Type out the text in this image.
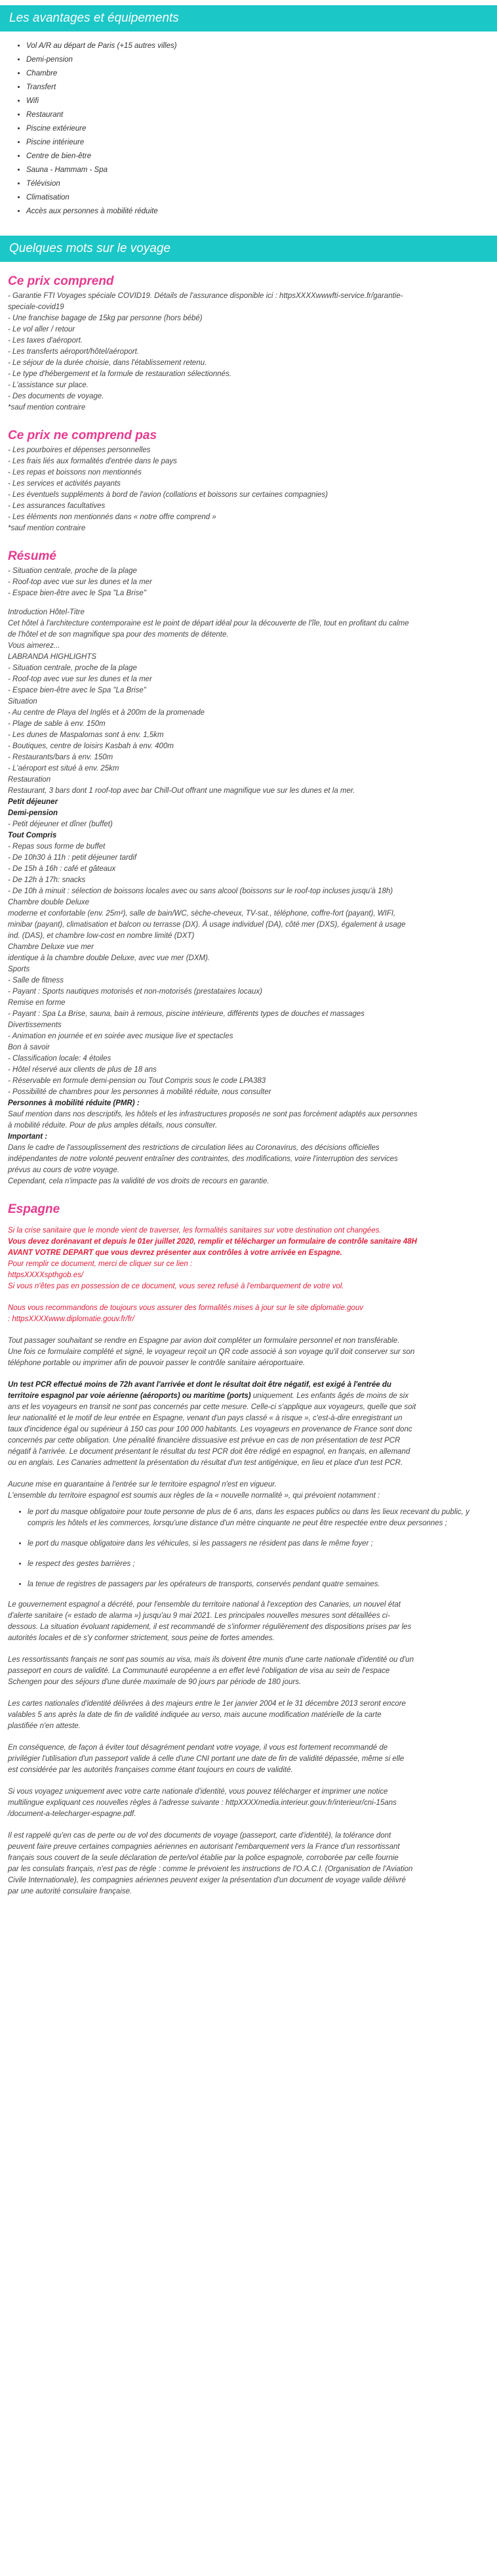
Les avantages et équipements
• Vol A/R au départ de Paris (+15 autres villes)
• Demi-pension
• Chambre
• Transfert
• Wifi
• Restaurant
• Piscine extérieure
• Piscine intérieure
• Centre de bien-être
• Sauna - Hammam - Spa
• Télévision
• Climatisation
• Accès aux personnes à mobilité réduite
Quelques mots sur le voyage
Ce prix comprend
- Garantie FTI Voyages spéciale COVID19. Détails de l'assurance disponible ici : httpsXXXXwwwfti-service.fr/garantie-
speciale-covid19
- Une franchise bagage de 15kg par personne (hors bébé)
- Le vol aller / retour
- Les taxes d'aéroport.
- Les transferts aéroport/hôtel/aéroport.
- Le séjour de la durée choisie, dans l'établissement retenu.
- Le type d'hébergement et la formule de restauration sélectionnés.
- L'assistance sur place.
- Des documents de voyage.
*sauf mention contraire
Ce prix ne comprend pas
- Les pourboires et dépenses personnelles
- Les frais liés aux formalités d'entrée dans le pays
- Les repas et boissons non mentionnés
- Les services et activités payants
- Les éventuels suppléments à bord de l'avion (collations et boissons sur certaines compagnies)
- Les assurances facultatives
- Les éléments non mentionnés dans « notre offre comprend »
*sauf mention contraire
Résumé
- Situation centrale, proche de la plage
- Roof-top avec vue sur les dunes et la mer
- Espace bien-être avec le Spa "La Brise"
Introduction Hôtel-Titre
Cet hôtel à l'architecture contemporaine est le point de départ idéal pour la découverte de l'île, tout en profitant du calme
de l'hôtel et de son magnifique spa pour des moments de détente.
Vous aimerez...
LABRANDA HIGHLIGHTS
- Situation centrale, proche de la plage
- Roof-top avec vue sur les dunes et la mer
- Espace bien-être avec le Spa "La Brise"
Situation
- Au centre de Playa del Inglés et à 200m de la promenade
- Plage de sable à env. 150m
- Les dunes de Maspalomas sont à env. 1,5km
- Boutiques, centre de loisirs Kasbah à env. 400m
- Restaurants/bars à env. 150m
- L'aéroport est situé à env. 25km
Restauration
Restaurant, 3 bars dont 1 roof-top avec bar Chill-Out offrant une magnifique vue sur les dunes et la mer.
Petit déjeuner
Demi-pension
- Petit déjeuner et dîner (buffet)
Tout Compris
- Repas sous forme de buffet
- De 10h30 à 11h : petit déjeuner tardif
- De 15h à 16h : café et gâteaux
- De 12h à 17h: snacks
- De 10h à minuit : sélection de boissons locales avec ou sans alcool (boissons sur le roof-top incluses jusqu'à 18h)
Chambre double Deluxe
moderne et confortable (env. 25m²), salle de bain/WC, sèche-cheveux, TV-sat., téléphone, coffre-fort (payant), WIFI,
minibar (payant), climatisation et balcon ou terrasse (DX). À usage individuel (DA), côté mer (DXS), également à usage
ind. (DAS), et chambre low-cost en nombre limité (DXT)
Chambre Deluxe vue mer
identique à la chambre double Deluxe, avec vue mer (DXM).
Sports
- Salle de fitness
- Payant : Sports nautiques motorisés et non-motorisés (prestataires locaux)
Remise en forme
- Payant : Spa La Brise, sauna, bain à remous, piscine intérieure, différents types de douches et massages
Divertissements
- Animation en journée et en soirée avec musique live et spectacles
Bon à savoir
- Classification locale: 4 étoiles
- Hôtel réservé aux clients de plus de 18 ans
- Réservable en formule demi-pension ou Tout Compris sous le code LPA383
- Possibilité de chambres pour les personnes à mobilité réduite, nous consulter
Personnes à mobilité réduite (PMR) :
Sauf mention dans nos descriptifs, les hôtels et les infrastructures proposés ne sont pas forcément adaptés aux personnes
à mobilité réduite. Pour de plus amples détails, nous consulter.
Important :
Dans le cadre de l'assouplissement des restrictions de circulation liées au Coronavirus, des décisions officielles
indépendantes de notre volonté peuvent entraîner des contraintes, des modifications, voire l'interruption des services
prévus au cours de votre voyage.
Cependant, cela n'impacte pas la validité de vos droits de recours en garantie.
Espagne
Si la crise sanitaire que le monde vient de traverser, les formalités sanitaires sur votre destination ont changées.
Vous devez dorénavant et depuis le 01er juillet 2020, remplir et télécharger un formulaire de contrôle sanitaire 48H
AVANT VOTRE DEPART que vous devrez présenter aux contrôles à votre arrivée en Espagne.
Pour remplir ce document, merci de cliquer sur ce lien :
httpsXXXXspthgob.es/
Si vous n'êtes pas en possession de ce document, vous serez refusé à l'embarquement de votre vol.
Nous vous recommandons de toujours vous assurer des formalités mises à jour sur le site diplomatie.gouv
: httpsXXXXwww.diplomatie.gouv.fr/fr/
Tout passager souhaitant se rendre en Espagne par avion doit compléter un formulaire personnel et non transférable.
Une fois ce formulaire complété et signé, le voyageur reçoit un QR code associé à son voyage qu'il doit conserver sur son
téléphone portable ou imprimer afin de pouvoir passer le contrôle sanitaire aéroportuaire.
Un test PCR effectué moins de 72h avant l'arrivée et dont le résultat doit être négatif, est exigé à l'entrée du
territoire espagnol par voie aérienne (aéroports) ou maritime (ports) uniquement. Les enfants âgés de moins de six
ans et les voyageurs en transit ne sont pas concernés par cette mesure. Celle-ci s'applique aux voyageurs, quelle que soit
leur nationalité et le motif de leur entrée en Espagne, venant d'un pays classé « à risque », c'est-à-dire enregistrant un
taux d'incidence égal ou supérieur à 150 cas pour 100 000 habitants. Les voyageurs en provenance de France sont donc
concernés par cette obligation. Une pénalité financière dissuasive est prévue en cas de non présentation de test PCR
négatif à l'arrivée. Le document présentant le résultat du test PCR doit être rédigé en espagnol, en français, en allemand
ou en anglais. Les Canaries admettent la présentation du résultat d'un test antigénique, en lieu et place d'un test PCR.
Aucune mise en quarantaine à l'entrée sur le territoire espagnol n'est en vigueur.
L'ensemble du territoire espagnol est soumis aux règles de la « nouvelle normalité », qui prévoient notamment :
• le port du masque obligatoire pour toute personne de plus de 6 ans, dans les espaces publics ou dans les lieux recevant du public, y compris les hôtels et les commerces, lorsqu'une distance d'un mètre cinquante ne peut être respectée entre deux personnes ;
• le port du masque obligatoire dans les véhicules, si les passagers ne résident pas dans le même foyer ;
• le respect des gestes barrières ;
• la tenue de registres de passagers par les opérateurs de transports, conservés pendant quatre semaines.
Le gouvernement espagnol a décrété, pour l'ensemble du territoire national à l'exception des Canaries, un nouvel état
d'alerte sanitaire (« estado de alarma ») jusqu'au 9 mai 2021. Les principales nouvelles mesures sont détaillées ci-
dessous. La situation évoluant rapidement, il est recommandé de s'informer régulièrement des dispositions prises par les
autorités locales et de s'y conformer strictement, sous peine de fortes amendes.
Les ressortissants français ne sont pas soumis au visa, mais ils doivent être munis d'une carte nationale d'identité ou d'un
passeport en cours de validité. La Communauté européenne a en effet levé l'obligation de visa au sein de l'espace
Schengen pour des séjours d'une durée maximale de 90 jours par période de 180 jours.
Les cartes nationales d'identité délivrées à des majeurs entre le 1er janvier 2004 et le 31 décembre 2013 seront encore
valables 5 ans après la date de fin de validité indiquée au verso, mais aucune modification matérielle de la carte
plastifiée n'en atteste.
En conséquence, de façon à éviter tout désagrément pendant votre voyage, il vous est fortement recommandé de
privilégier l'utilisation d'un passeport valide à celle d'une CNI portant une date de fin de validité dépassée, même si elle
est considérée par les autorités françaises comme étant toujours en cours de validité.
Si vous voyagez uniquement avec votre carte nationale d'identité, vous pouvez télécharger et imprimer une notice
multilingue expliquant ces nouvelles règles à l'adresse suivante : httpXXXXmedia.interieur.gouv.fr/interieur/cni-15ans
/document-a-telecharger-espagne.pdf.
Il est rappelé qu'en cas de perte ou de vol des documents de voyage (passeport, carte d'identité), la tolérance dont
peuvent faire preuve certaines compagnies aériennes en autorisant l'embarquement vers la France d'un ressortissant
français sous couvert de la seule déclaration de perte/vol établie par la police espagnole, corroborée par celle fournie
par les consulats français, n'est pas de règle : comme le prévoient les instructions de l'O.A.C.I. (Organisation de l'Aviation
Civile Internationale), les compagnies aériennes peuvent exiger la présentation d'un document de voyage valide délivré
par une autorité consulaire française.
